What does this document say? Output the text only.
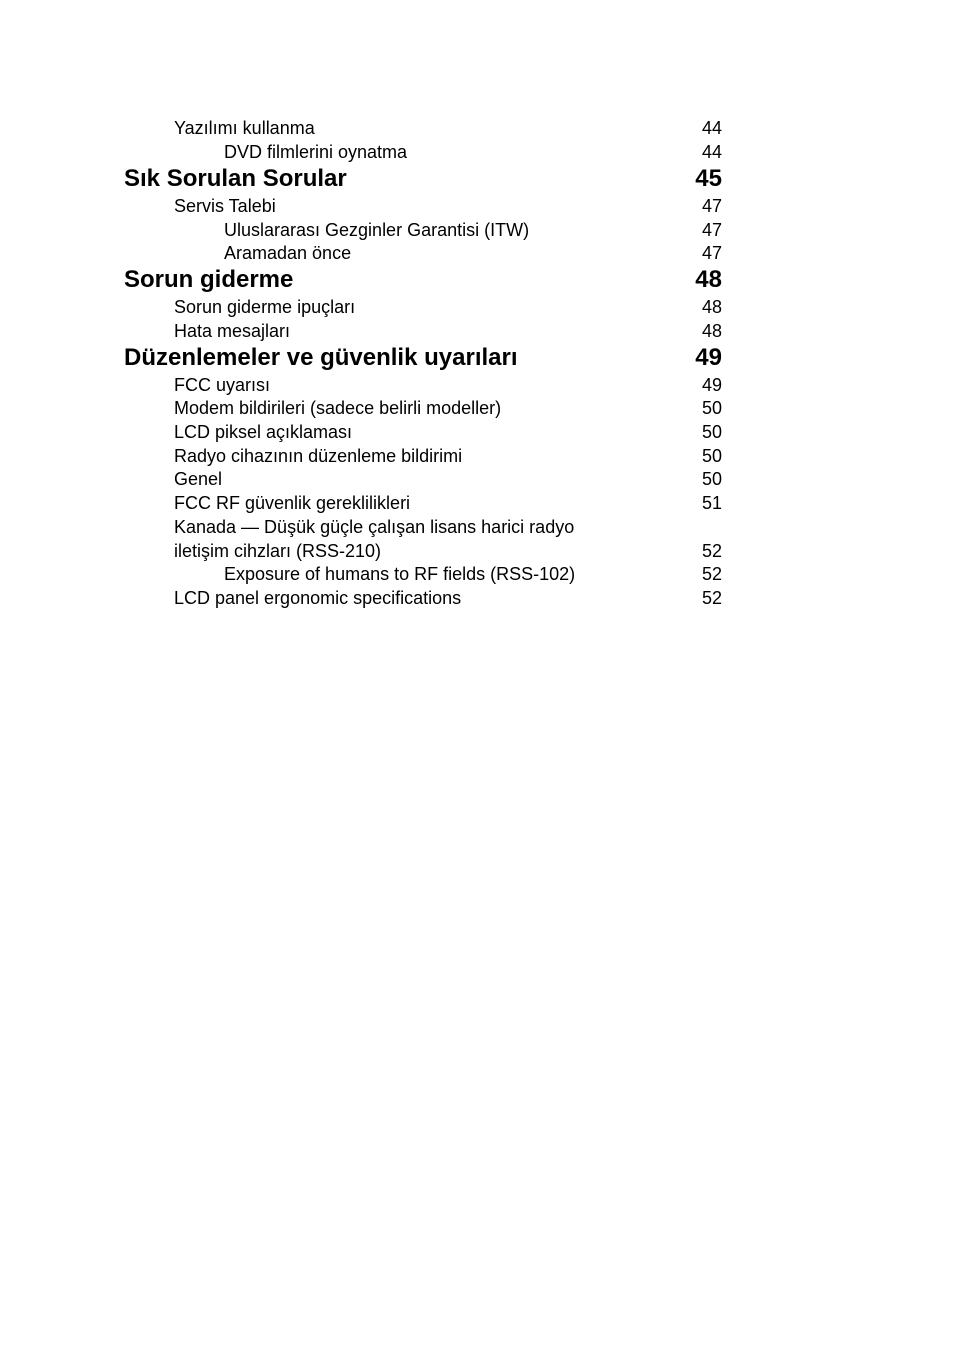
Yazılımı kullanma	44
DVD filmlerini oynatma	44
Sık Sorulan Sorular	45
Servis Talebi	47
Uluslararası Gezginler Garantisi (ITW)	47
Aramadan önce	47
Sorun giderme	48
Sorun giderme ipuçları	48
Hata mesajları	48
Düzenlemeler ve güvenlik uyarıları	49
FCC uyarısı	49
Modem bildirileri (sadece belirli modeller)	50
LCD piksel açıklaması	50
Radyo cihazının düzenleme bildirimi	50
Genel	50
FCC RF güvenlik gereklilikleri	51
Kanada — Düşük güçle çalışan lisans harici radyo
iletişim cihzları (RSS-210)	52
Exposure of humans to RF fields (RSS-102)	52
LCD panel ergonomic specifications	52
